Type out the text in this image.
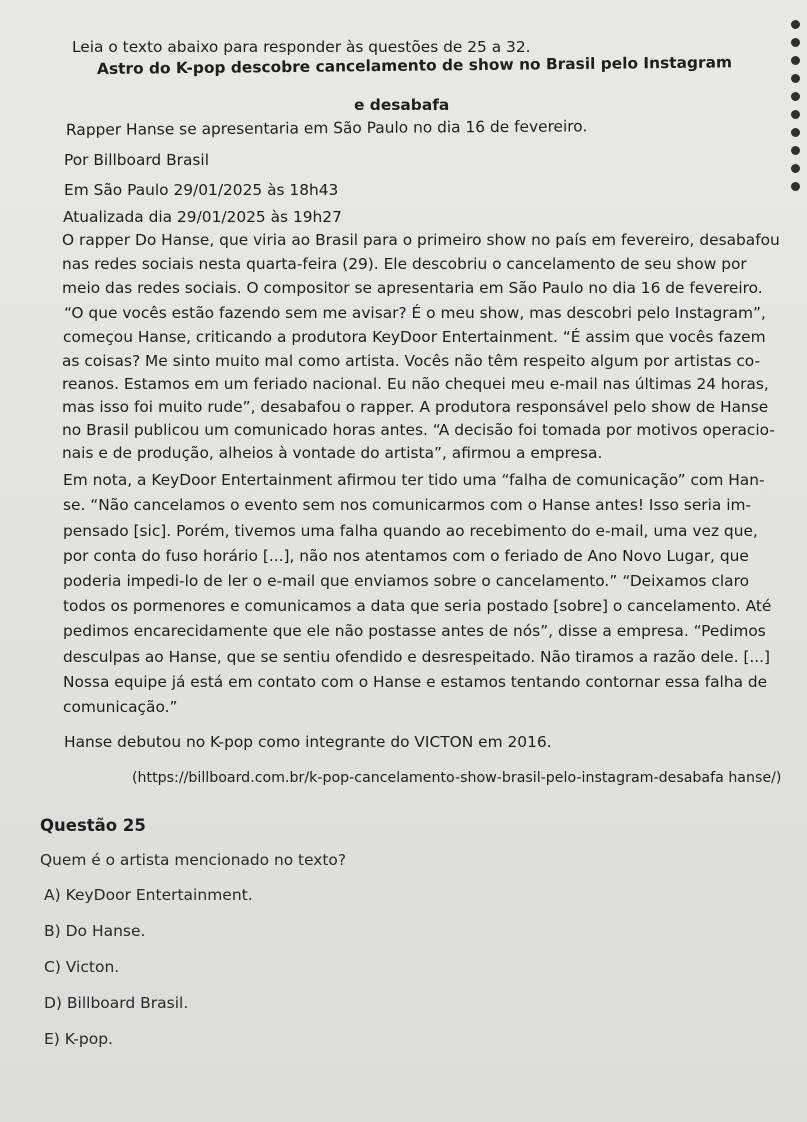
Leia o texto abaixo para responder às questões de 25 a 32.
Astro do K-pop descobre cancelamento de show no Brasil pelo Instagram
e desabafa
Rapper Hanse se apresentaria em São Paulo no dia 16 de fevereiro.
Por Billboard Brasil
Em São Paulo 29/01/2025 às 18h43
Atualizada dia 29/01/2025 às 19h27
O rapper Do Hanse, que viria ao Brasil para o primeiro show no país em fevereiro, desabafou
nas redes sociais nesta quarta-feira (29). Ele descobriu o cancelamento de seu show por
meio das redes sociais. O compositor se apresentaria em São Paulo no dia 16 de fevereiro.
“O que vocês estão fazendo sem me avisar? É o meu show, mas descobri pelo Instagram”,
começou Hanse, criticando a produtora KeyDoor Entertainment. “É assim que vocês fazem
as coisas? Me sinto muito mal como artista. Vocês não têm respeito algum por artistas co-
reanos. Estamos em um feriado nacional. Eu não chequei meu e-mail nas últimas 24 horas,
mas isso foi muito rude”, desabafou o rapper. A produtora responsável pelo show de Hanse
no Brasil publicou um comunicado horas antes. “A decisão foi tomada por motivos operacio-
nais e de produção, alheios à vontade do artista”, afirmou a empresa.
Em nota, a KeyDoor Entertainment afirmou ter tido uma “falha de comunicação” com Han-
se. “Não cancelamos o evento sem nos comunicarmos com o Hanse antes! Isso seria im-
pensado [sic]. Porém, tivemos uma falha quando ao recebimento do e-mail, uma vez que,
por conta do fuso horário [...], não nos atentamos com o feriado de Ano Novo Lugar, que
poderia impedi-lo de ler o e-mail que enviamos sobre o cancelamento.” “Deixamos claro
todos os pormenores e comunicamos a data que seria postado [sobre] o cancelamento. Até
pedimos encarecidamente que ele não postasse antes de nós”, disse a empresa. “Pedimos
desculpas ao Hanse, que se sentiu ofendido e desrespeitado. Não tiramos a razão dele. [...]
Nossa equipe já está em contato com o Hanse e estamos tentando contornar essa falha de
comunicação.”
Hanse debutou no K-pop como integrante do VICTON em 2016.
(https://billboard.com.br/k-pop-cancelamento-show-brasil-pelo-instagram-desabafa hanse/)
Questão 25
Quem é o artista mencionado no texto?
A) KeyDoor Entertainment.
B) Do Hanse.
C) Victon.
D) Billboard Brasil.
E) K-pop.
